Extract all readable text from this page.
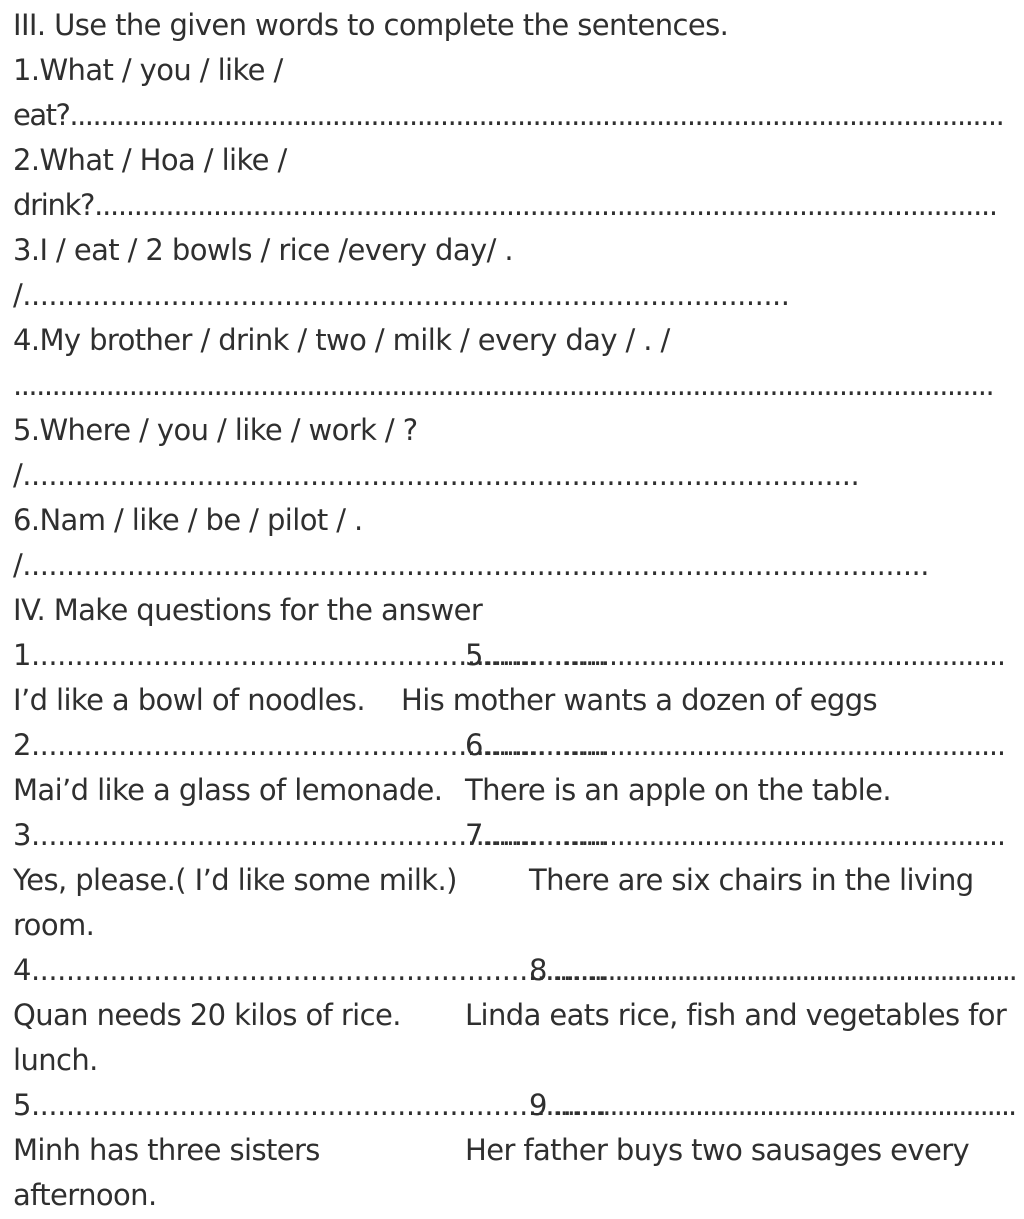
III. Use the given words to complete the sentences.
1.What / you / like /
eat?.........................................................................................................................
2.What / Hoa / like /
drink?..................................................................................................................
3.I / eat / 2 bowls / rice /every day/ .
/........................................................................................
4.My brother / drink / two / milk / every day / . /
...............................................................................................................................
5.Where / you / like / work / ?
/................................................................................................
6.Nam / like / be / pilot / .
/........................................................................................................
IV. Make questions for the answer
1..................................................................
5..................................................................
I’d like a bowl of noodles. His mother wants a dozen of eggs
2..................................................................
6..................................................................
Mai’d like a glass of lemonade. There is an apple on the table.
3..................................................................
7..................................................................
Yes, please.( I’d like some milk.) There are six chairs in the living
room.
4..................................................................
8....................................................................
Quan needs 20 kilos of rice. Linda eats rice, fish and vegetables for
lunch.
5..................................................................
9..................................................................
Minh has three sisters	Her father buys two sausages every
afternoon.
